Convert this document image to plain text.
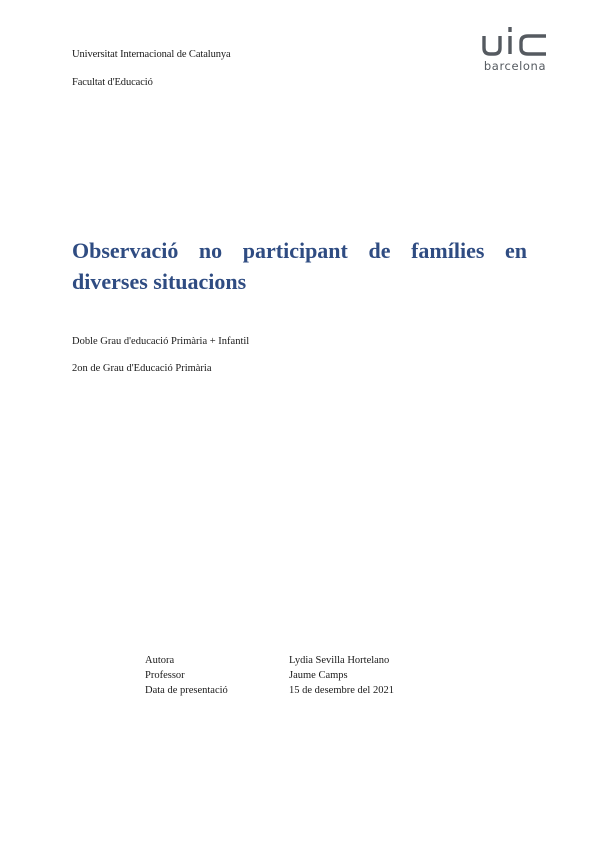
Universitat Internacional de Catalunya
Facultat d'Educació
barcelona
Observació no participant de famílies en
diverses situacions
Doble Grau d'educació Primària + Infantil
2on de Grau d'Educació Primària
Autora	Lydia Sevilla Hortelano
Professor	Jaume Camps
Data de presentació	15 de desembre del 2021
